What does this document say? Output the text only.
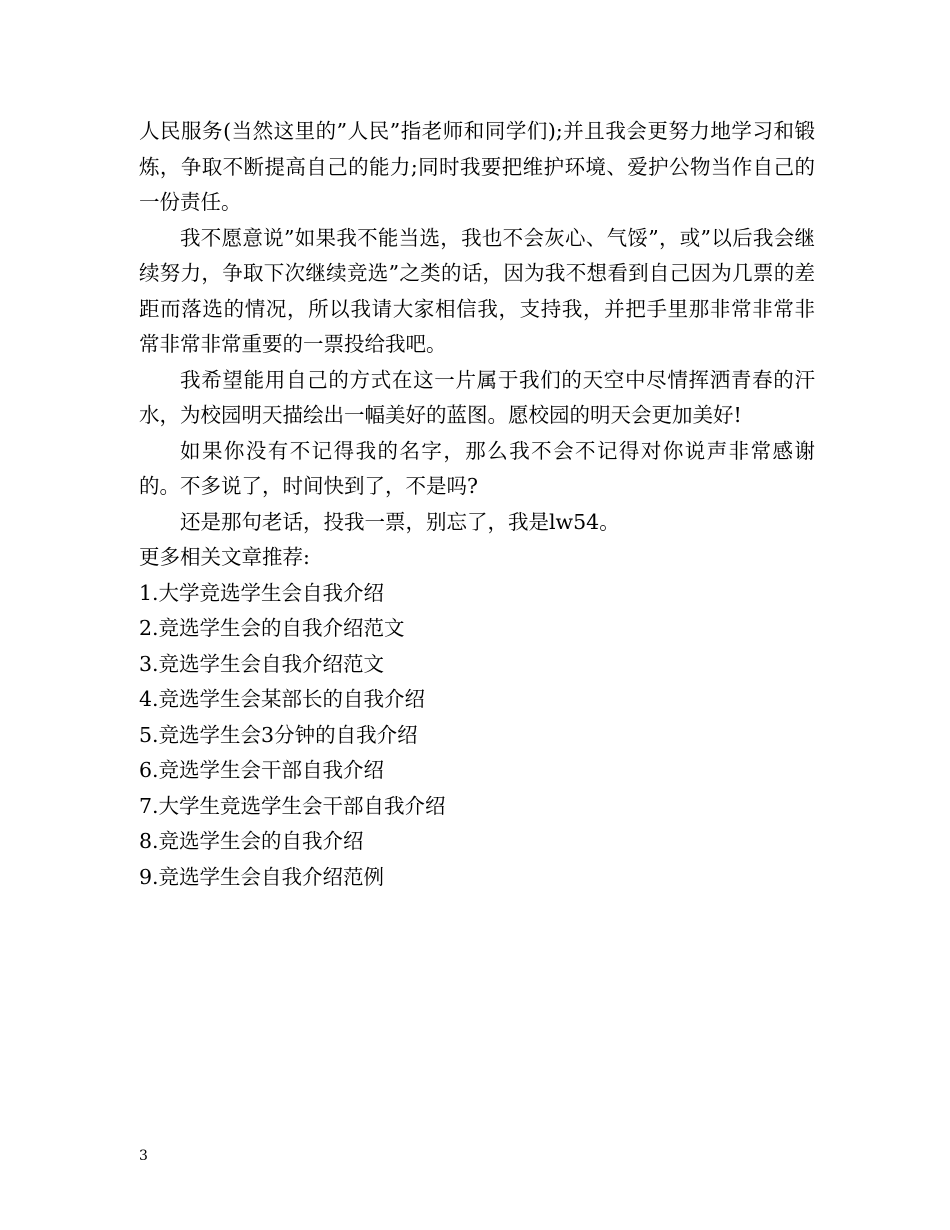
人民服务(当然这里的”人民”指老师和同学们);并且我会更努力地学习和锻炼，争取不断提高自己的能力;同时我要把维护环境、爱护公物当作自己的一份责任。

我不愿意说”如果我不能当选，我也不会灰心、气馁”，或”以后我会继续努力，争取下次继续竞选”之类的话，因为我不想看到自己因为几票的差距而落选的情况，所以我请大家相信我，支持我，并把手里那非常非常非常非常非常重要的一票投给我吧。

我希望能用自己的方式在这一片属于我们的天空中尽情挥洒青春的汗水，为校园明天描绘出一幅美好的蓝图。愿校园的明天会更加美好!

如果你没有不记得我的名字，那么我不会不记得对你说声非常感谢的。不多说了，时间快到了，不是吗?

还是那句老话，投我一票，别忘了，我是lw54。

更多相关文章推荐:

1.大学竞选学生会自我介绍
2.竞选学生会的自我介绍范文
3.竞选学生会自我介绍范文
4.竞选学生会某部长的自我介绍
5.竞选学生会3分钟的自我介绍
6.竞选学生会干部自我介绍
7.大学生竞选学生会干部自我介绍
8.竞选学生会的自我介绍
9.竞选学生会自我介绍范例
3
